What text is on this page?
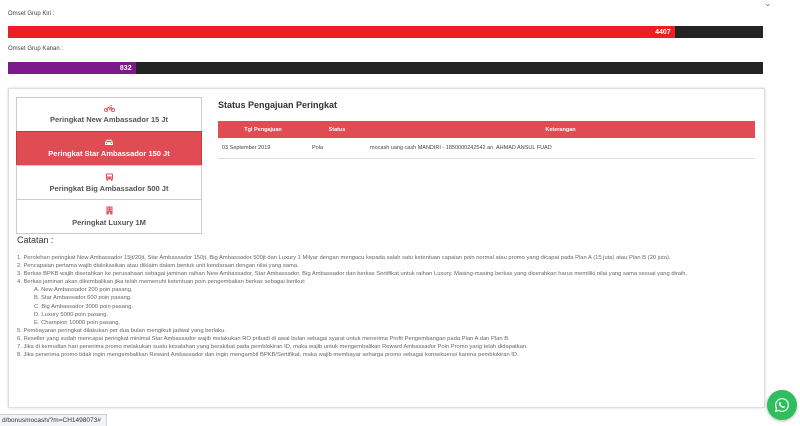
⌄
Omset Grup Kiri :
4407
Omset Grup Kanan :
832
Peringkat New Ambassador 15 Jt
Peringkat Star Ambassador 150 Jt
Peringkat Big Ambassador 500 Jt
Peringkat Luxury 1M
Status Pengajuan Peringkat
Tgl Pengajuan	Status	Keterangan
03 September 2019	Pola	mocash uang cash MANDIRI - 1850000242542 an. AHMAD ANSUL FUAD
Catatan :
1. Perolehan peringkat New Ambassador 15jt/20jt, Star Ambassador 150jt, Big Ambassador 500jt dan Luxury 1 Milyar dengan mengacu kepada salah satu ketentuan capaian poin normal atau promo yang dicapai pada Plan A (15 juta) atau Plan B (20 juta).
2. Pencapaian pertama wajib dialokasikan atau diklaim dalam bentuk unit kendaraan dengan nilai yang sama.
3. Berkas BPKB wajib diserahkan ke perusahaan sebagai jaminan raihan New Ambassador, Star Ambassador, Big Ambassador dan berkas Sertifikat untuk raihan Luxury. Masing-masing berkas yang diserahkan harus memiliki nilai yang sama sesuai yang diraih.
4. Berkas jaminan akan dikembalikan jika telah memenuhi ketentuan poin pengembalian berkas sebagai berikut:
A. New Ambassador 200 poin pasang.
B. Star Ambassador 600 poin pasang.
C. Big Ambassador 3000 poin pasang.
D. Luxury 5000 poin pasang.
E. Champion 10000 poin pasang.
5. Pembayaran peringkat dilakukan per dua bulan mengikuti jadwal yang berlaku.
6. Reseller yang sudah mencapai peringkat minimal Star Ambassador wajib melakukan RO pribadi di awal bulan sebagai syarat untuk menerima Profit Pengembangan pada Plan A dan Plan B.
7. Jika di kemudian hari penerima promo melakukan suatu kesalahan yang berakibat pada pemblokiran ID, maka wajib untuk mengembalikan Reward Ambassador Poin Promo yang telah didapatkan.
8. Jika penerima promo tidak ingin mengembalikan Reward Ambassador dan ingin mengambil BPKB/Sertifikat, maka wajib membayar seharga promo sebagai konsekuensi karena pemblokiran ID.
d/bonusmocash/?m=CH1498073#
